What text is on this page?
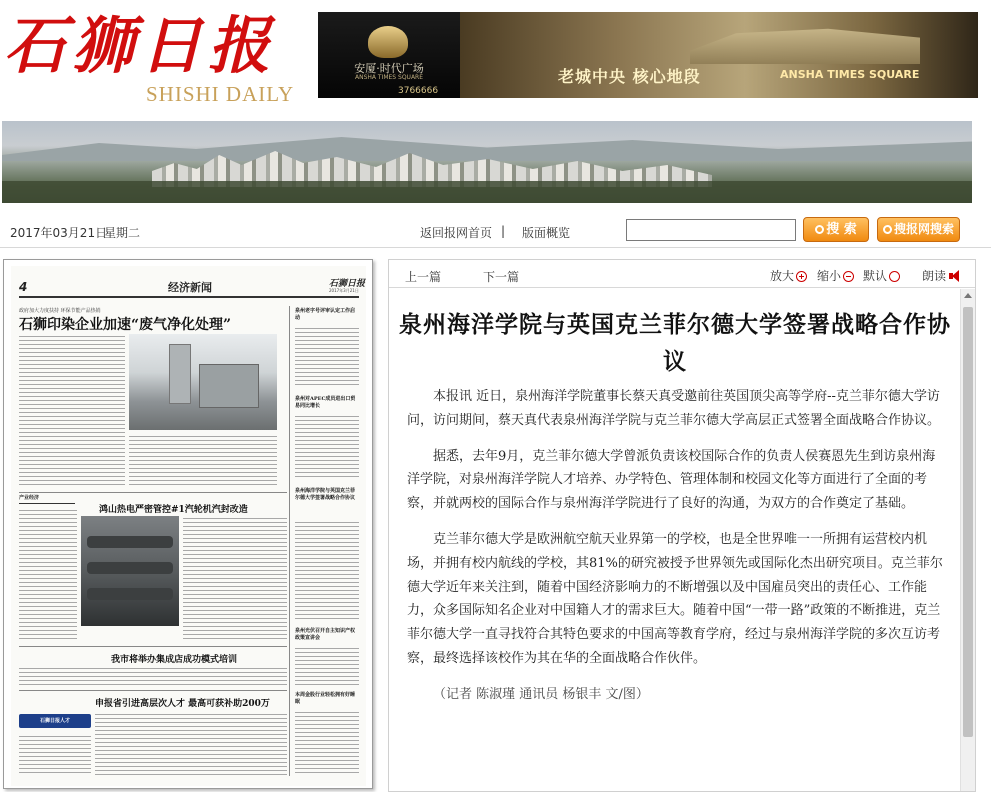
石狮日报
SHISHI DAILY
安厦·时代广场
ANSHA TIMES SQUARE
3766666
老城中央 核心地段	ANSHA TIMES SQUARE
2017年03月21日
星期二	返回报网首页 | 版面概览	搜 索	搜报网搜索
4	经济新闻	石狮日报
2017年3月21日
政府加大力度扶持 环保节能产品热销
石狮印染企业加速“废气净化处理”
泉州老字号评审认定工作启动
泉州对APEC成员进出口贸易同比增长
泉州海洋学院与英国克兰菲尔德大学签署战略合作协议
泉州光伏召开自主知识产权政策宣讲会
本周金股行业轻松拥有好睡眠
产业经济
鸿山热电严密管控#1汽轮机汽封改造
我市将举办集成店成功模式培训
申报省引进高层次人才 最高可获补助200万
石狮日报人才
上一篇	下一篇	放大	缩小	默认	朗读
泉州海洋学院与英国克兰菲尔德大学签署战略合作协议

本报讯 近日，泉州海洋学院董事长蔡天真受邀前往英国顶尖高等学府--克兰菲尔德大学访问，访问期间，蔡天真代表泉州海洋学院与克兰菲尔德大学高层正式签署全面战略合作协议。

据悉，去年9月，克兰菲尔德大学曾派负责该校国际合作的负责人侯赛恩先生到访泉州海洋学院，对泉州海洋学院人才培养、办学特色、管理体制和校园文化等方面进行了全面的考察，并就两校的国际合作与泉州海洋学院进行了良好的沟通，为双方的合作奠定了基础。

克兰菲尔德大学是欧洲航空航天业界第一的学校，也是全世界唯一一所拥有运营校内机场，并拥有校内航线的学校，其81%的研究被授予世界领先或国际化杰出研究项目。克兰菲尔德大学近年来关注到，随着中国经济影响力的不断增强以及中国雇员突出的责任心、工作能力，众多国际知名企业对中国籍人才的需求巨大。随着中国“一带一路”政策的不断推进，克兰菲尔德大学一直寻找符合其特色要求的中国高等教育学府，经过与泉州海洋学院的多次互访考察，最终选择该校作为其在华的全面战略合作伙伴。

（记者 陈淑瑾 通讯员 杨银丰 文/图）
